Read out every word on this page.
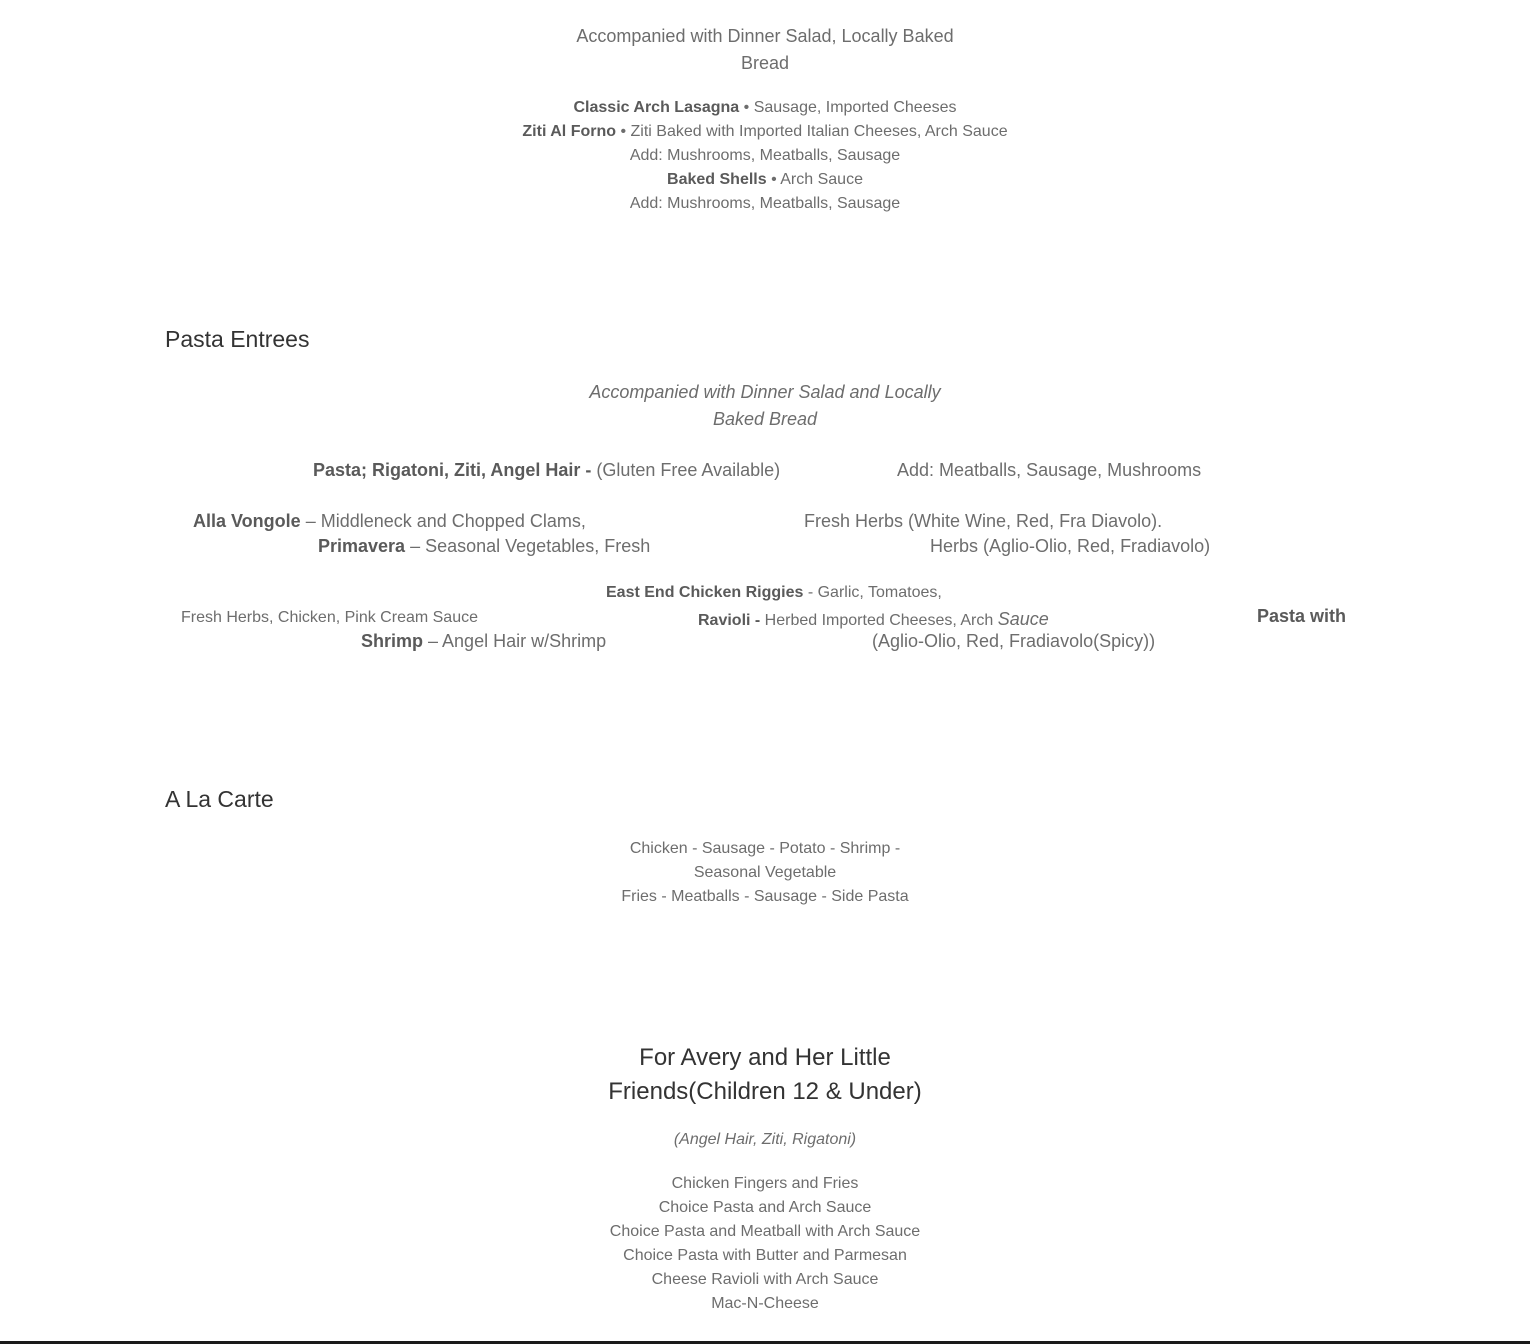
Accompanied with Dinner Salad, Locally Baked
Bread
Classic Arch Lasagna • Sausage, Imported Cheeses
Ziti Al Forno • Ziti Baked with Imported Italian Cheeses, Arch Sauce
Add: Mushrooms, Meatballs, Sausage
Baked Shells • Arch Sauce
Add: Mushrooms, Meatballs, Sausage
Pasta Entrees
Accompanied with Dinner Salad and Locally
Baked Bread
Pasta; Rigatoni, Ziti, Angel Hair - (Gluten Free Available)	Add: Meatballs, Sausage, Mushrooms
Alla Vongole – Middleneck and Chopped Clams,	Fresh Herbs (White Wine, Red, Fra Diavolo).
Primavera – Seasonal Vegetables, Fresh	Herbs (Aglio-Olio, Red, Fradiavolo)
East End Chicken Riggies - Garlic, Tomatoes,
Fresh Herbs, Chicken, Pink Cream Sauce	Ravioli - Herbed Imported Cheeses, Arch Sauce	Pasta with
Shrimp – Angel Hair w/Shrimp	(Aglio-Olio, Red, Fradiavolo(Spicy))
A La Carte
Chicken - Sausage - Potato - Shrimp -
Seasonal Vegetable
Fries - Meatballs - Sausage - Side Pasta
For Avery and Her Little
Friends(Children 12 & Under)
(Angel Hair, Ziti, Rigatoni)
Chicken Fingers and Fries
Choice Pasta and Arch Sauce
Choice Pasta and Meatball with Arch Sauce
Choice Pasta with Butter and Parmesan
Cheese Ravioli with Arch Sauce
Mac-N-Cheese
